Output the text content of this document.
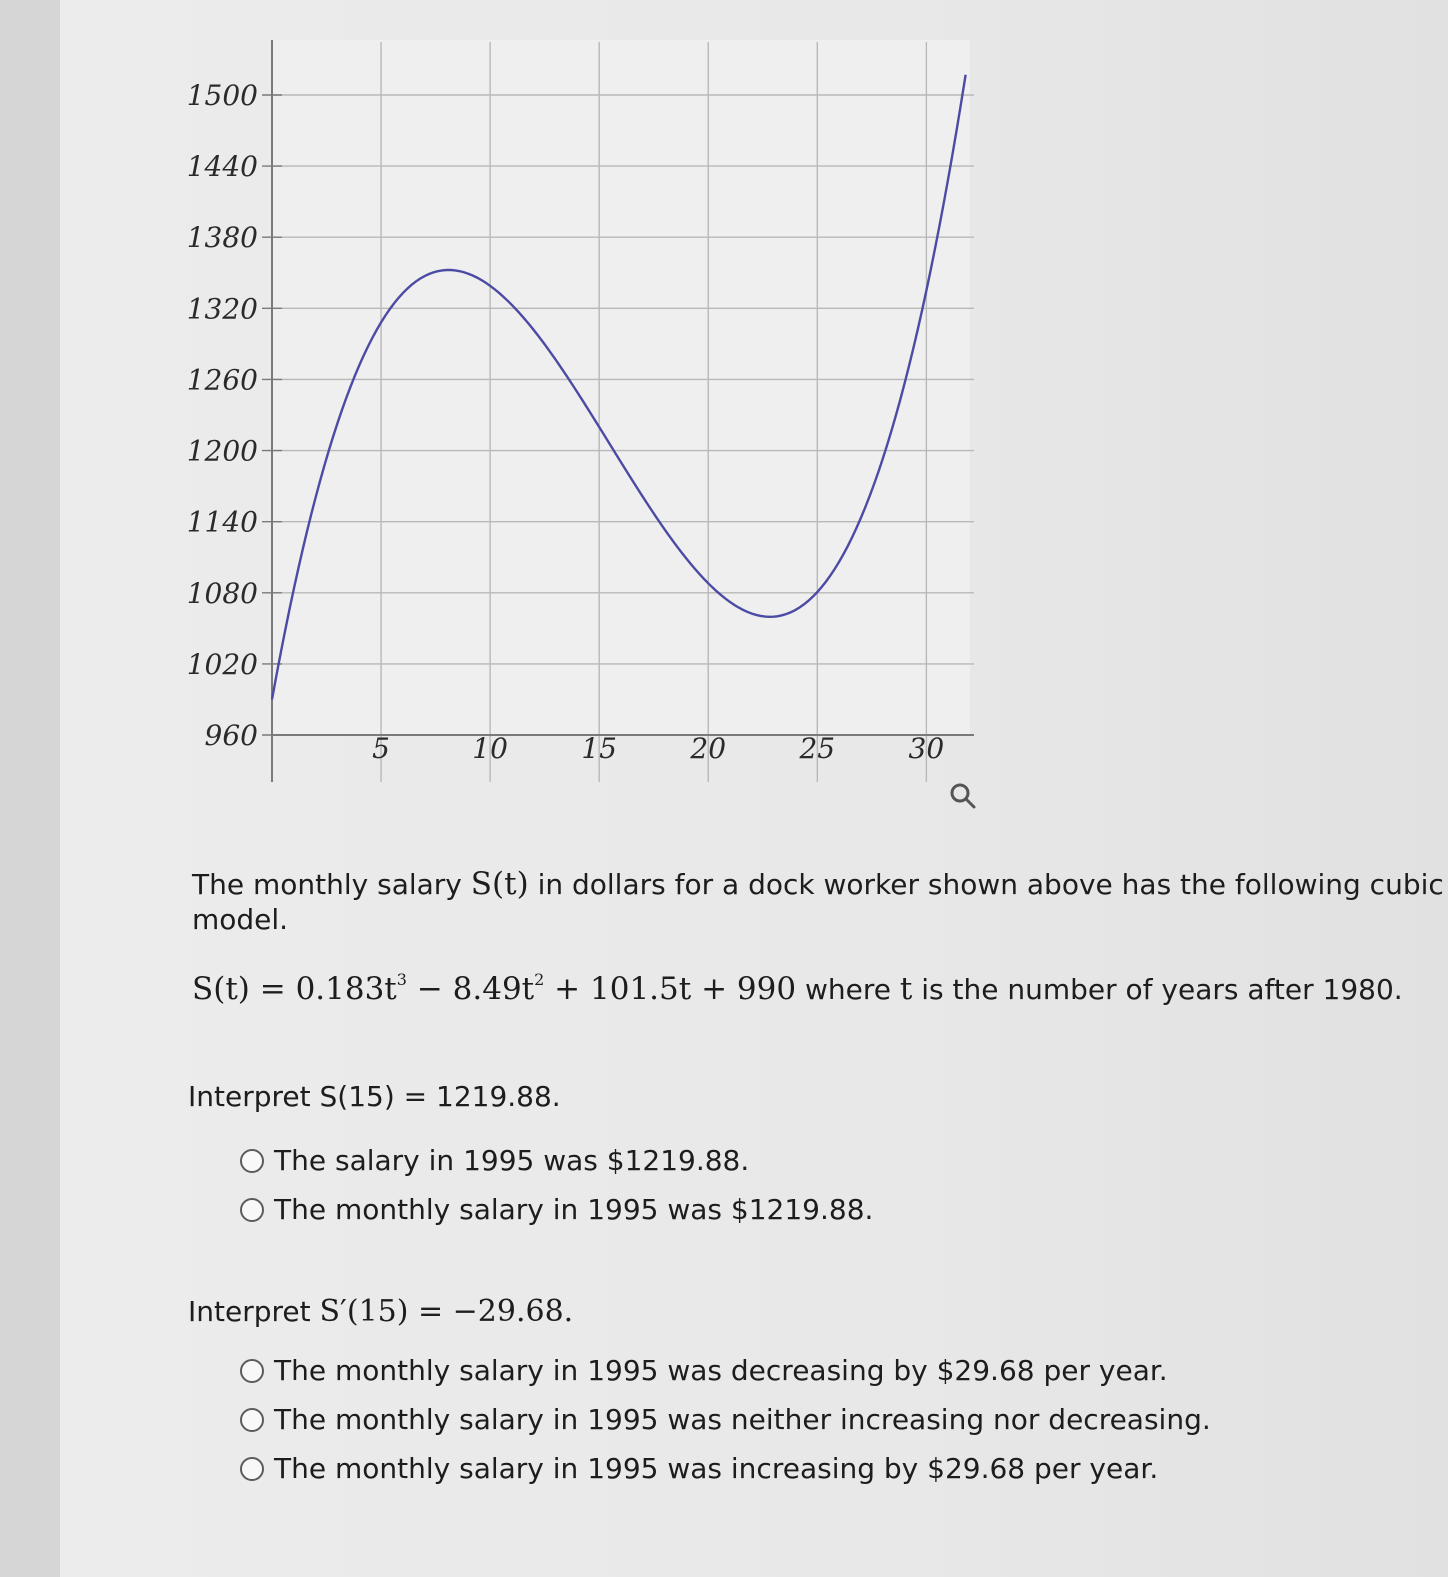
5	10	15	20	25	30
960
1020
1080
1140
1200
1260
1320
1380
1440
1500
The monthly salary S(t) in dollars for a dock worker shown above has the following cubic model.
$S(t) = 0.183t^3 - 8.49t^2 + 101.5t + 990$ where t is the number of years after 1980.
Interpret S(15) = 1219.88.
The salary in 1995 was $1219.88.
The monthly salary in 1995 was $1219.88.
Interpret S′(15) = −29.68.
The monthly salary in 1995 was decreasing by $29.68 per year.
The monthly salary in 1995 was neither increasing nor decreasing.
The monthly salary in 1995 was increasing by $29.68 per year.
